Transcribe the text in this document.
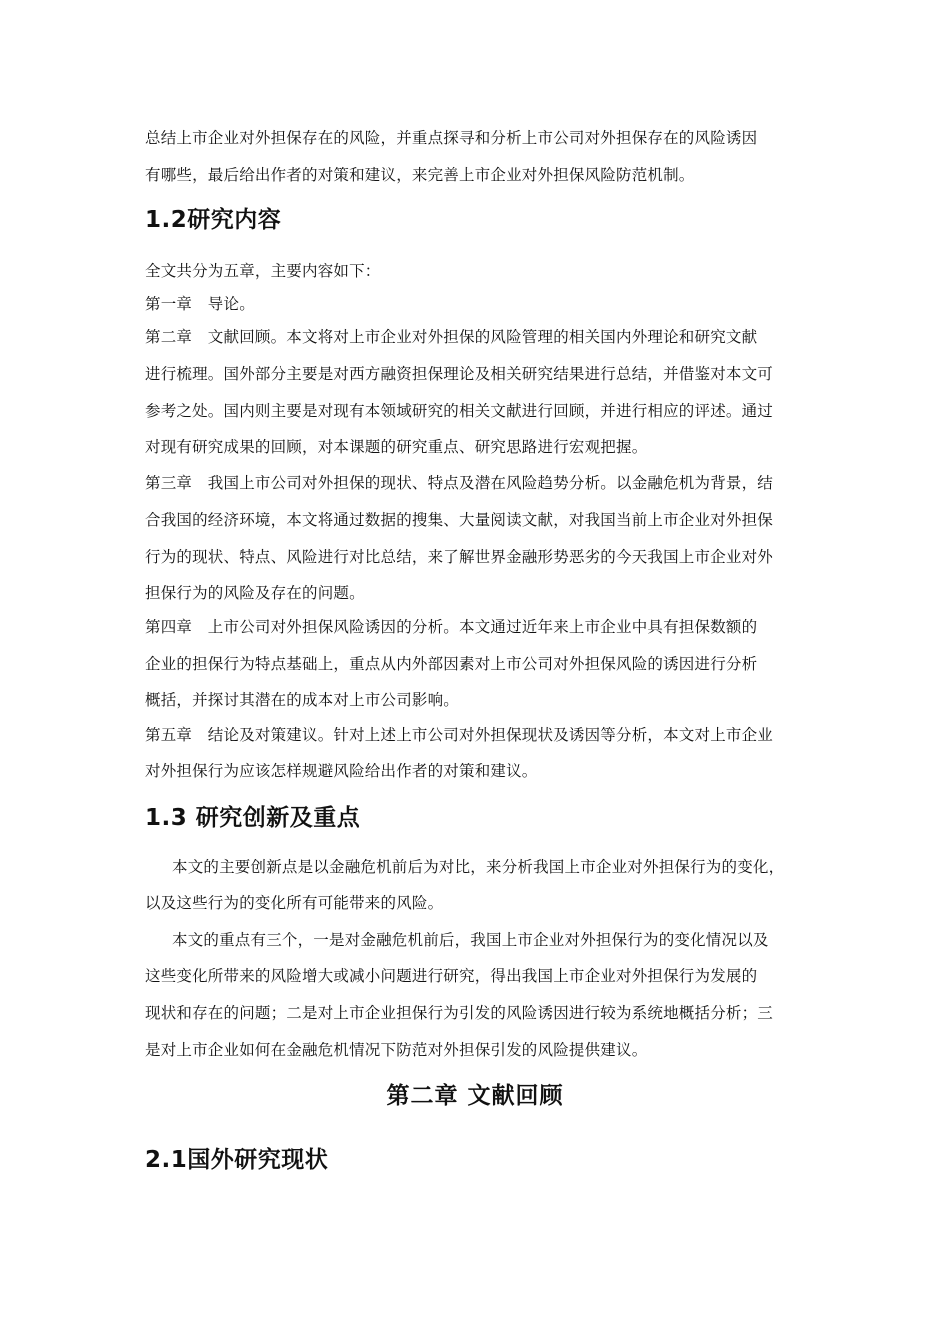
总结上市企业对外担保存在的风险，并重点探寻和分析上市公司对外担保存在的风险诱因
有哪些，最后给出作者的对策和建议，来完善上市企业对外担保风险防范机制。
1.2研究内容
全文共分为五章，主要内容如下：
第一章　导论。
第二章　文献回顾。本文将对上市企业对外担保的风险管理的相关国内外理论和研究文献
进行梳理。国外部分主要是对西方融资担保理论及相关研究结果进行总结，并借鉴对本文可
参考之处。国内则主要是对现有本领域研究的相关文献进行回顾，并进行相应的评述。通过
对现有研究成果的回顾，对本课题的研究重点、研究思路进行宏观把握。
第三章　我国上市公司对外担保的现状、特点及潜在风险趋势分析。以金融危机为背景，结
合我国的经济环境，本文将通过数据的搜集、大量阅读文献，对我国当前上市企业对外担保
行为的现状、特点、风险进行对比总结，来了解世界金融形势恶劣的今天我国上市企业对外
担保行为的风险及存在的问题。
第四章　上市公司对外担保风险诱因的分析。本文通过近年来上市企业中具有担保数额的
企业的担保行为特点基础上，重点从内外部因素对上市公司对外担保风险的诱因进行分析
概括，并探讨其潜在的成本对上市公司影响。
第五章　结论及对策建议。针对上述上市公司对外担保现状及诱因等分析，本文对上市企业
对外担保行为应该怎样规避风险给出作者的对策和建议。
1.3 研究创新及重点
本文的主要创新点是以金融危机前后为对比，来分析我国上市企业对外担保行为的变化，
以及这些行为的变化所有可能带来的风险。
本文的重点有三个，一是对金融危机前后，我国上市企业对外担保行为的变化情况以及
这些变化所带来的风险增大或减小问题进行研究，得出我国上市企业对外担保行为发展的
现状和存在的问题；二是对上市企业担保行为引发的风险诱因进行较为系统地概括分析；三
是对上市企业如何在金融危机情况下防范对外担保引发的风险提供建议。
第二章 文献回顾
2.1国外研究现状
